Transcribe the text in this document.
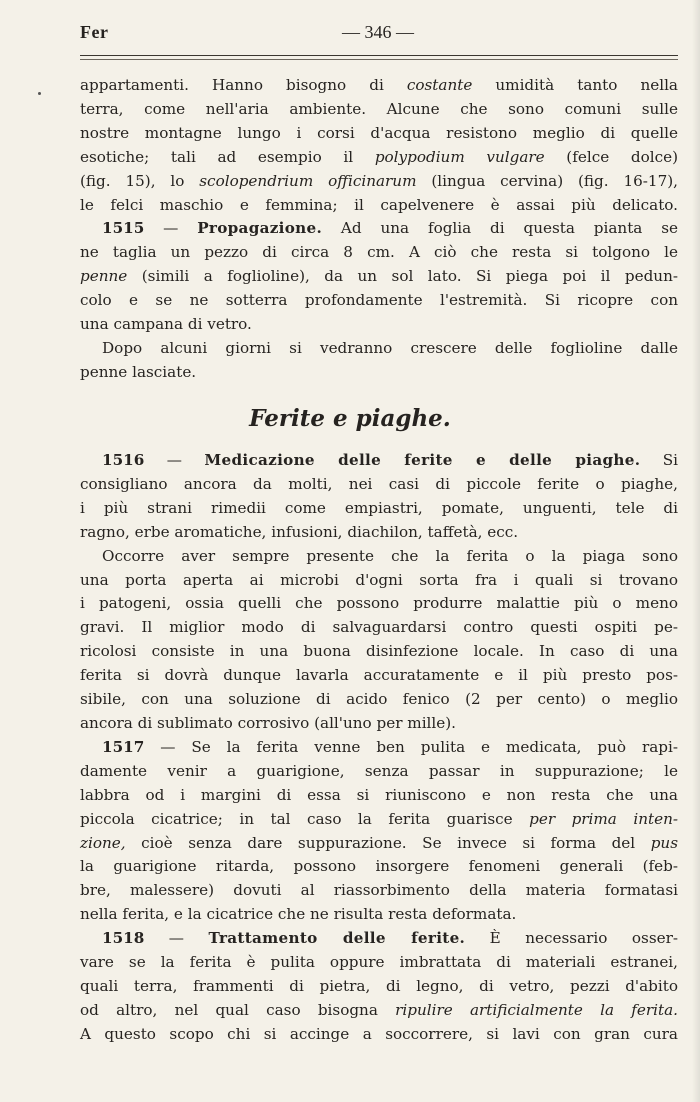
Fer	— 346 —
appartamenti. Hanno bisogno di costante umidità tanto nella
terra, come nell'aria ambiente. Alcune che sono comuni sulle
nostre montagne lungo i corsi d'acqua resistono meglio di quelle
esotiche; tali ad esempio il polypodium vulgare (felce dolce)
(fig. 15), lo scolopendrium officinarum (lingua cervina) (fig. 16-17),
le felci maschio e femmina; il capelvenere è assai più delicato.
1515 — Propagazione. Ad una foglia di questa pianta se
ne taglia un pezzo di circa 8 cm. A ciò che resta si tolgono le
penne (simili a foglioline), da un sol lato. Si piega poi il pedun-
colo e se ne sotterra profondamente l'estremità. Si ricopre con
una campana di vetro.
Dopo alcuni giorni si vedranno crescere delle foglioline dalle
penne lasciate.
Ferite e piaghe.
1516 — Medicazione delle ferite e delle piaghe. Si
consigliano ancora da molti, nei casi di piccole ferite o piaghe,
i più strani rimedii come empiastri, pomate, unguenti, tele di
ragno, erbe aromatiche, infusioni, diachilon, taffetà, ecc.
Occorre aver sempre presente che la ferita o la piaga sono
una porta aperta ai microbi d'ogni sorta fra i quali si trovano
i patogeni, ossia quelli che possono produrre malattie più o meno
gravi. Il miglior modo di salvaguardarsi contro questi ospiti pe-
ricolosi consiste in una buona disinfezione locale. In caso di una
ferita si dovrà dunque lavarla accuratamente e il più presto pos-
sibile, con una soluzione di acido fenico (2 per cento) o meglio
ancora di sublimato corrosivo (all'uno per mille).
1517 — Se la ferita venne ben pulita e medicata, può rapi-
damente venir a guarigione, senza passar in suppurazione; le
labbra od i margini di essa si riuniscono e non resta che una
piccola cicatrice; in tal caso la ferita guarisce per prima inten-
zione, cioè senza dare suppurazione. Se invece si forma del pus
la guarigione ritarda, possono insorgere fenomeni generali (feb-
bre, malessere) dovuti al riassorbimento della materia formatasi
nella ferita, e la cicatrice che ne risulta resta deformata.
1518 — Trattamento delle ferite. È necessario osser-
vare se la ferita è pulita oppure imbrattata di materiali estranei,
quali terra, frammenti di pietra, di legno, di vetro, pezzi d'abito
od altro, nel qual caso bisogna ripulire artificialmente la ferita.
A questo scopo chi si accinge a soccorrere, si lavi con gran cura
